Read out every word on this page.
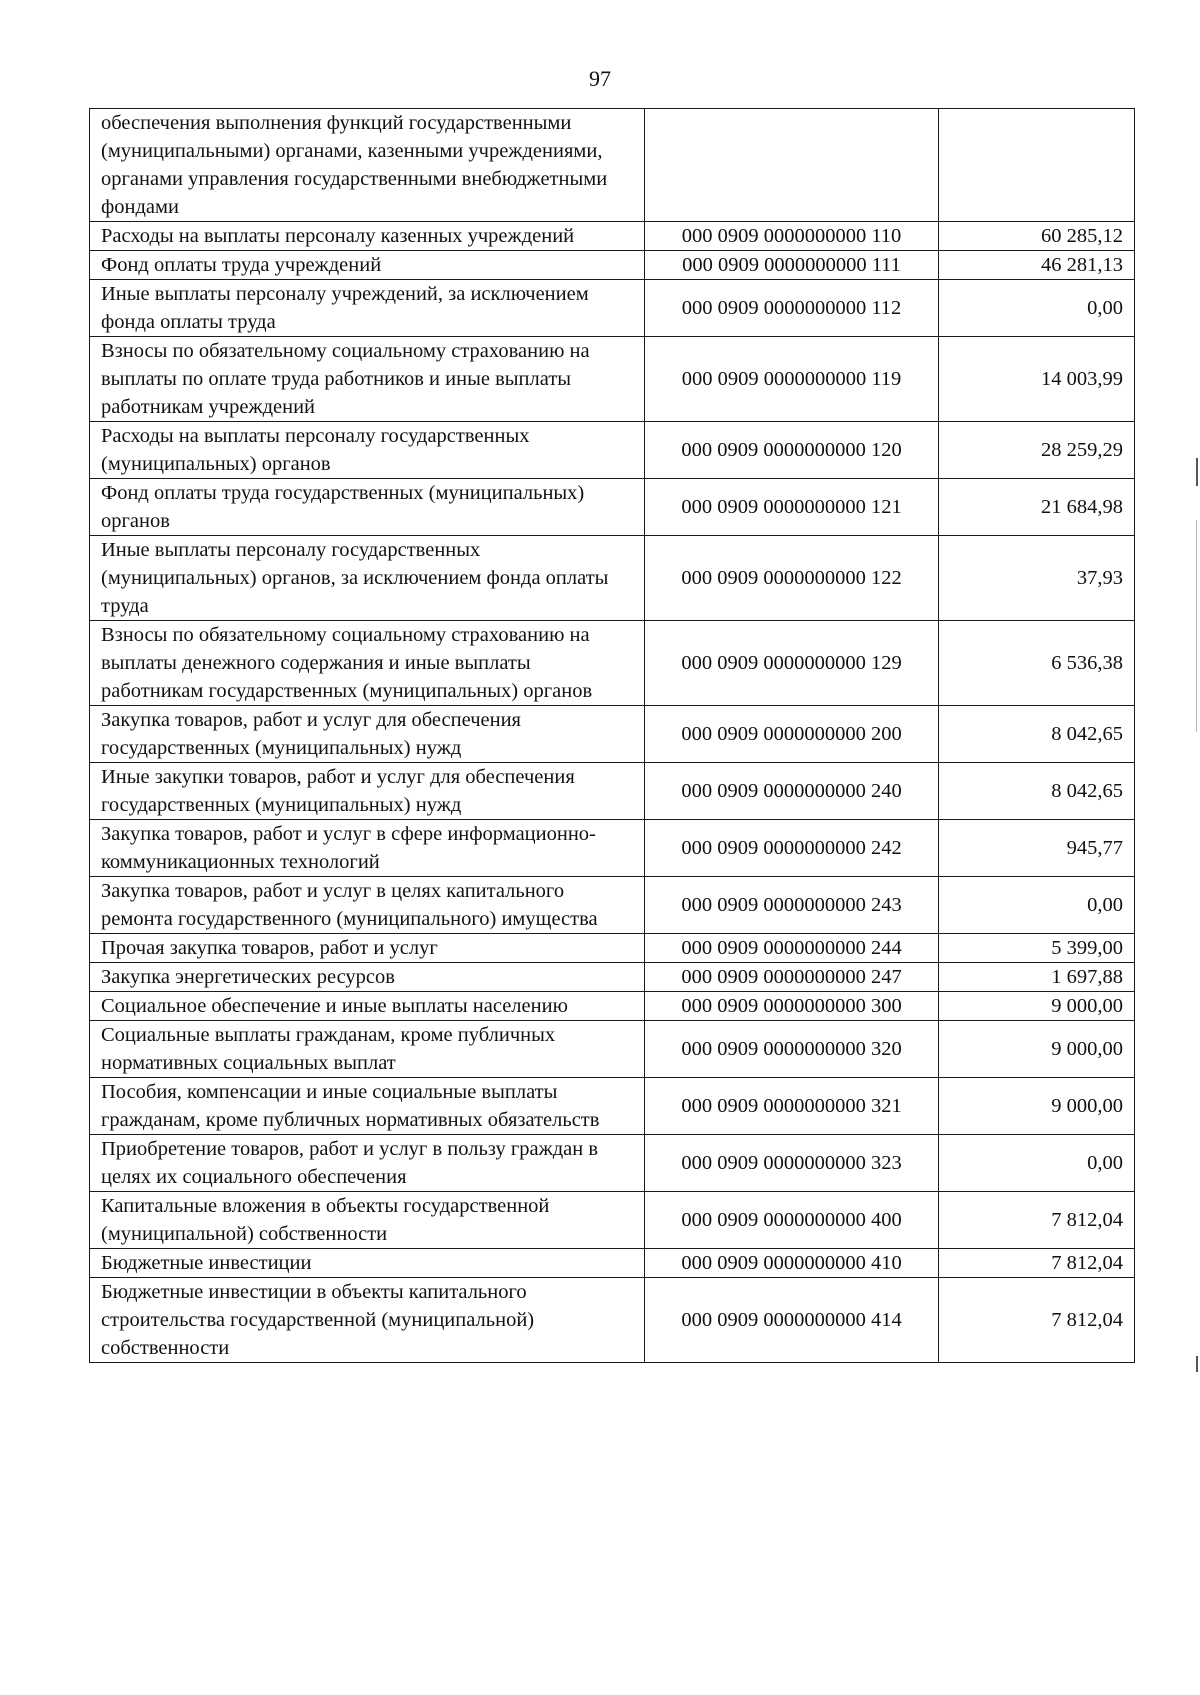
97
обеспечения выполнения функций государственными (муниципальными) органами, казенными учреждениями, органами управления государственными внебюджетными фондами		
Расходы на выплаты персоналу казенных учреждений	000 0909 0000000000 110	60 285,12
Фонд оплаты труда учреждений	000 0909 0000000000 111	46 281,13
Иные выплаты персоналу учреждений, за исключением фонда оплаты труда	000 0909 0000000000 112	0,00
Взносы по обязательному социальному страхованию на выплаты по оплате труда работников и иные выплаты работникам учреждений	000 0909 0000000000 119	14 003,99
Расходы на выплаты персоналу государственных (муниципальных) органов	000 0909 0000000000 120	28 259,29
Фонд оплаты труда государственных (муниципальных) органов	000 0909 0000000000 121	21 684,98
Иные выплаты персоналу государственных (муниципальных) органов, за исключением фонда оплаты труда	000 0909 0000000000 122	37,93
Взносы по обязательному социальному страхованию на выплаты денежного содержания и иные выплаты работникам государственных (муниципальных) органов	000 0909 0000000000 129	6 536,38
Закупка товаров, работ и услуг для обеспечения государственных (муниципальных) нужд	000 0909 0000000000 200	8 042,65
Иные закупки товаров, работ и услуг для обеспечения государственных (муниципальных) нужд	000 0909 0000000000 240	8 042,65
Закупка товаров, работ и услуг в сфере информационно-коммуникационных технологий	000 0909 0000000000 242	945,77
Закупка товаров, работ и услуг в целях капитального ремонта государственного (муниципального) имущества	000 0909 0000000000 243	0,00
Прочая закупка товаров, работ и услуг	000 0909 0000000000 244	5 399,00
Закупка энергетических ресурсов	000 0909 0000000000 247	1 697,88
Социальное обеспечение и иные выплаты населению	000 0909 0000000000 300	9 000,00
Социальные выплаты гражданам, кроме публичных нормативных социальных выплат	000 0909 0000000000 320	9 000,00
Пособия, компенсации и иные социальные выплаты гражданам, кроме публичных нормативных обязательств	000 0909 0000000000 321	9 000,00
Приобретение товаров, работ и услуг в пользу граждан в целях их социального обеспечения	000 0909 0000000000 323	0,00
Капитальные вложения в объекты государственной (муниципальной) собственности	000 0909 0000000000 400	7 812,04
Бюджетные инвестиции	000 0909 0000000000 410	7 812,04
Бюджетные инвестиции в объекты капитального строительства государственной (муниципальной) собственности	000 0909 0000000000 414	7 812,04
